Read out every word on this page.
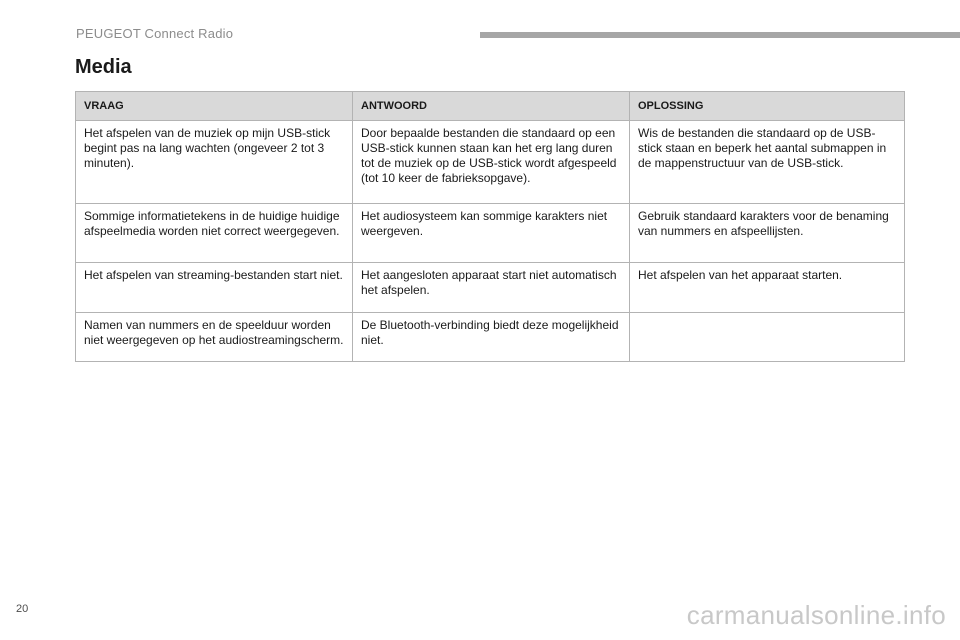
PEUGEOT Connect Radio
Media
VRAAG	ANTWOORD	OPLOSSING
Het afspelen van de muziek op mijn USB-stick begint pas na lang wachten (ongeveer 2 tot 3 minuten).	Door bepaalde bestanden die standaard op een USB-stick kunnen staan kan het erg lang duren tot de muziek op de USB-stick wordt afgespeeld (tot 10 keer de fabrieksopgave).	Wis de bestanden die standaard op de USB-stick staan en beperk het aantal submappen in de mappenstructuur van de USB-stick.
Sommige informatietekens in de huidige huidige afspeelmedia worden niet correct weergegeven.	Het audiosysteem kan sommige karakters niet weergeven.	Gebruik standaard karakters voor de benaming van nummers en afspeellijsten.
Het afspelen van streaming-bestanden start niet.	Het aangesloten apparaat start niet automatisch het afspelen.	Het afspelen van het apparaat starten.
Namen van nummers en de speelduur worden niet weergegeven op het audiostreamingscherm.	De Bluetooth-verbinding biedt deze mogelijkheid niet.	
20	carmanualsonline.info
